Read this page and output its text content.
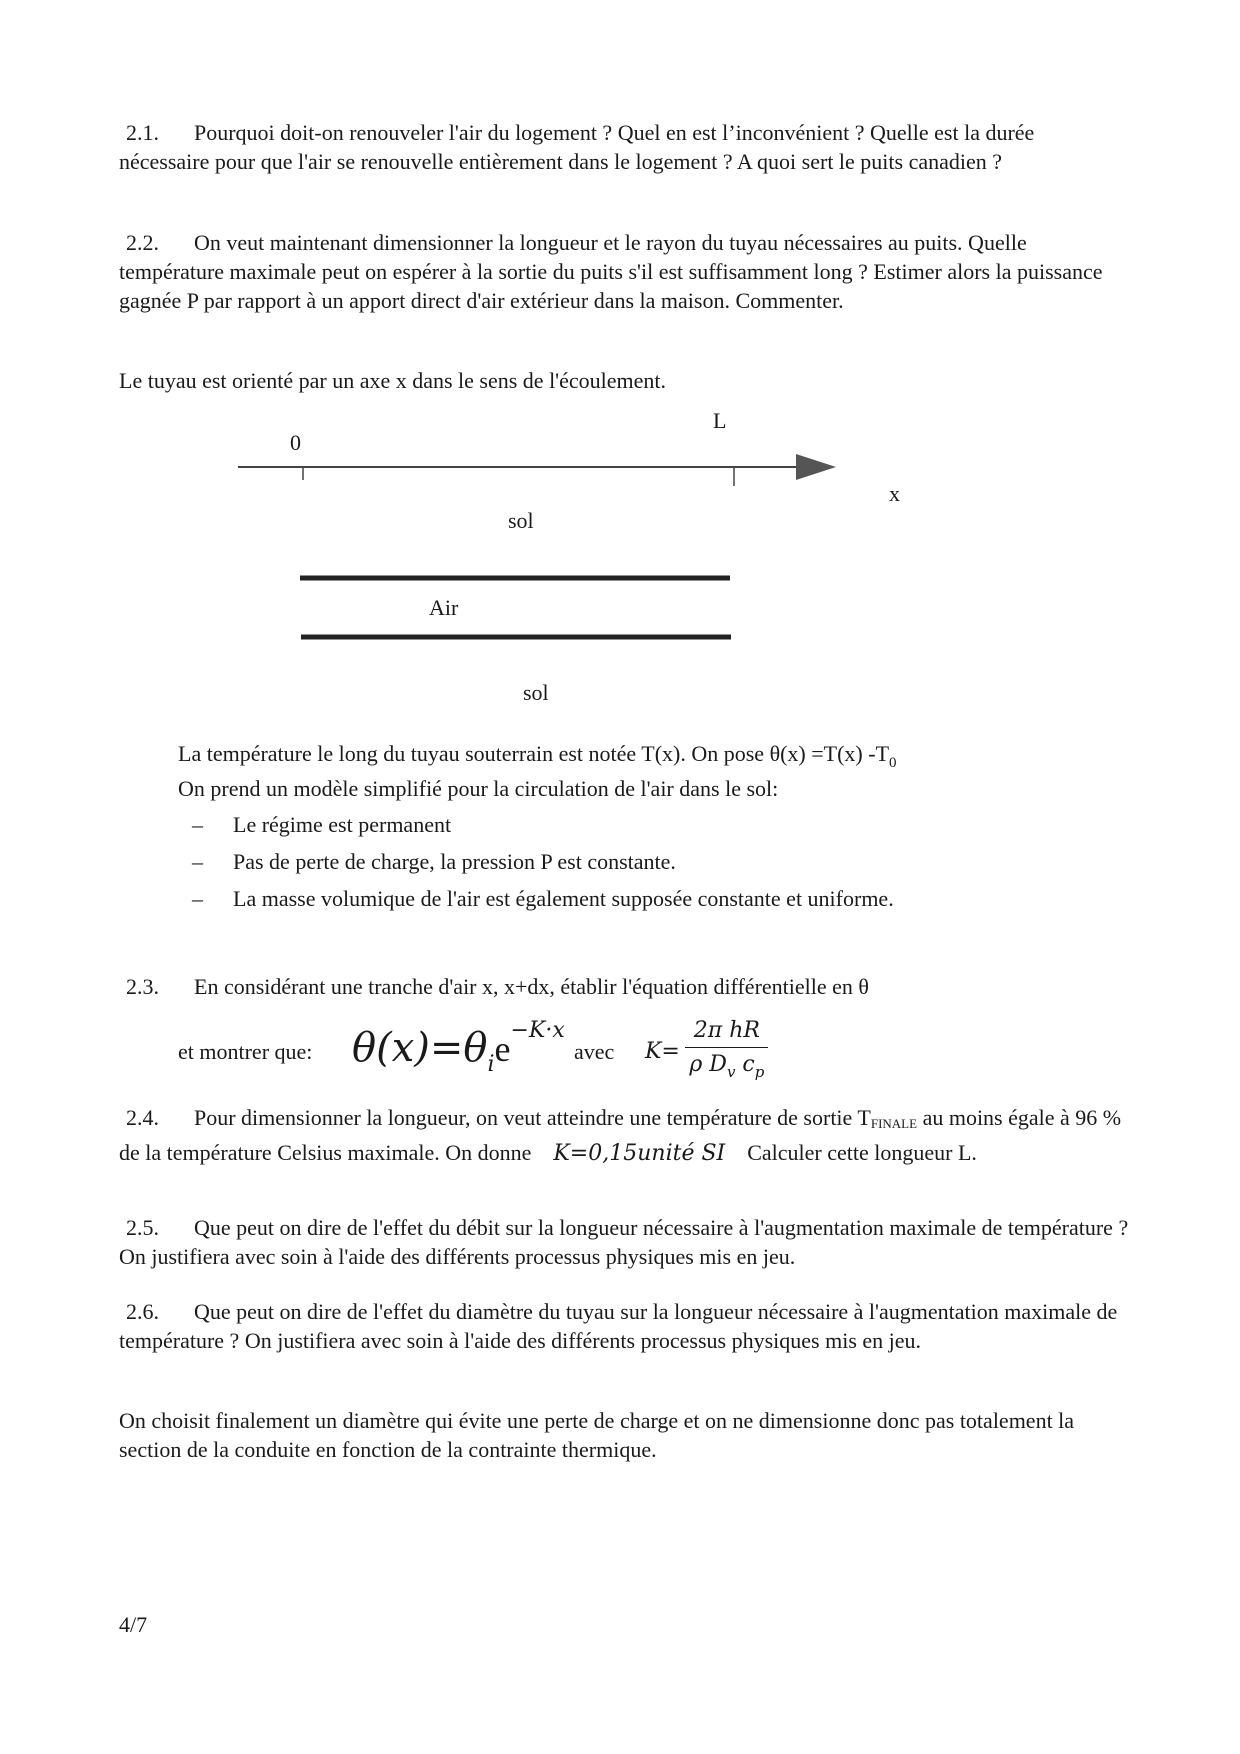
2.1. Pourquoi doit-on renouveler l'air du logement ? Quel en est l’inconvénient ? Quelle est la durée nécessaire pour que l'air se renouvelle entièrement dans le logement ? A quoi sert le puits canadien ?
2.2. On veut maintenant dimensionner la longueur et le rayon du tuyau nécessaires au puits. Quelle température maximale peut on espérer à la sortie du puits s'il est suffisamment long ? Estimer alors la puissance gagnée P par rapport à un apport direct d'air extérieur dans la maison. Commenter.
Le tuyau est orienté par un axe x dans le sens de l'écoulement.
0
L
x
sol
Air
sol
La température le long du tuyau souterrain est notée T(x). On pose θ(x) =T(x) $-T_0$
On prend un modèle simplifié pour la circulation de l'air dans le sol:
– Le régime est permanent
– Pas de perte de charge, la pression P est constante.
– La masse volumique de l'air est également supposée constante et uniforme.
2.3. En considérant une tranche d'air x, x+dx, établir l'équation différentielle en θ
et montrer que: θ(x)=θie−K·x
avec $K= \frac{\text{2π hR}}{\rho D_v c_p}$
2.4. Pour dimensionner la longueur, on veut atteindre une température de sortie TFINALE au moins égale à 96 % de la température Celsius maximale. On donne K=0,15unité SI Calculer cette longueur L.
2.5. Que peut on dire de l'effet du débit sur la longueur nécessaire à l'augmentation maximale de température ? On justifiera avec soin à l'aide des différents processus physiques mis en jeu.
2.6. Que peut on dire de l'effet du diamètre du tuyau sur la longueur nécessaire à l'augmentation maximale de température ? On justifiera avec soin à l'aide des différents processus physiques mis en jeu.
On choisit finalement un diamètre qui évite une perte de charge et on ne dimensionne donc pas totalement la section de la conduite en fonction de la contrainte thermique.
4/7
